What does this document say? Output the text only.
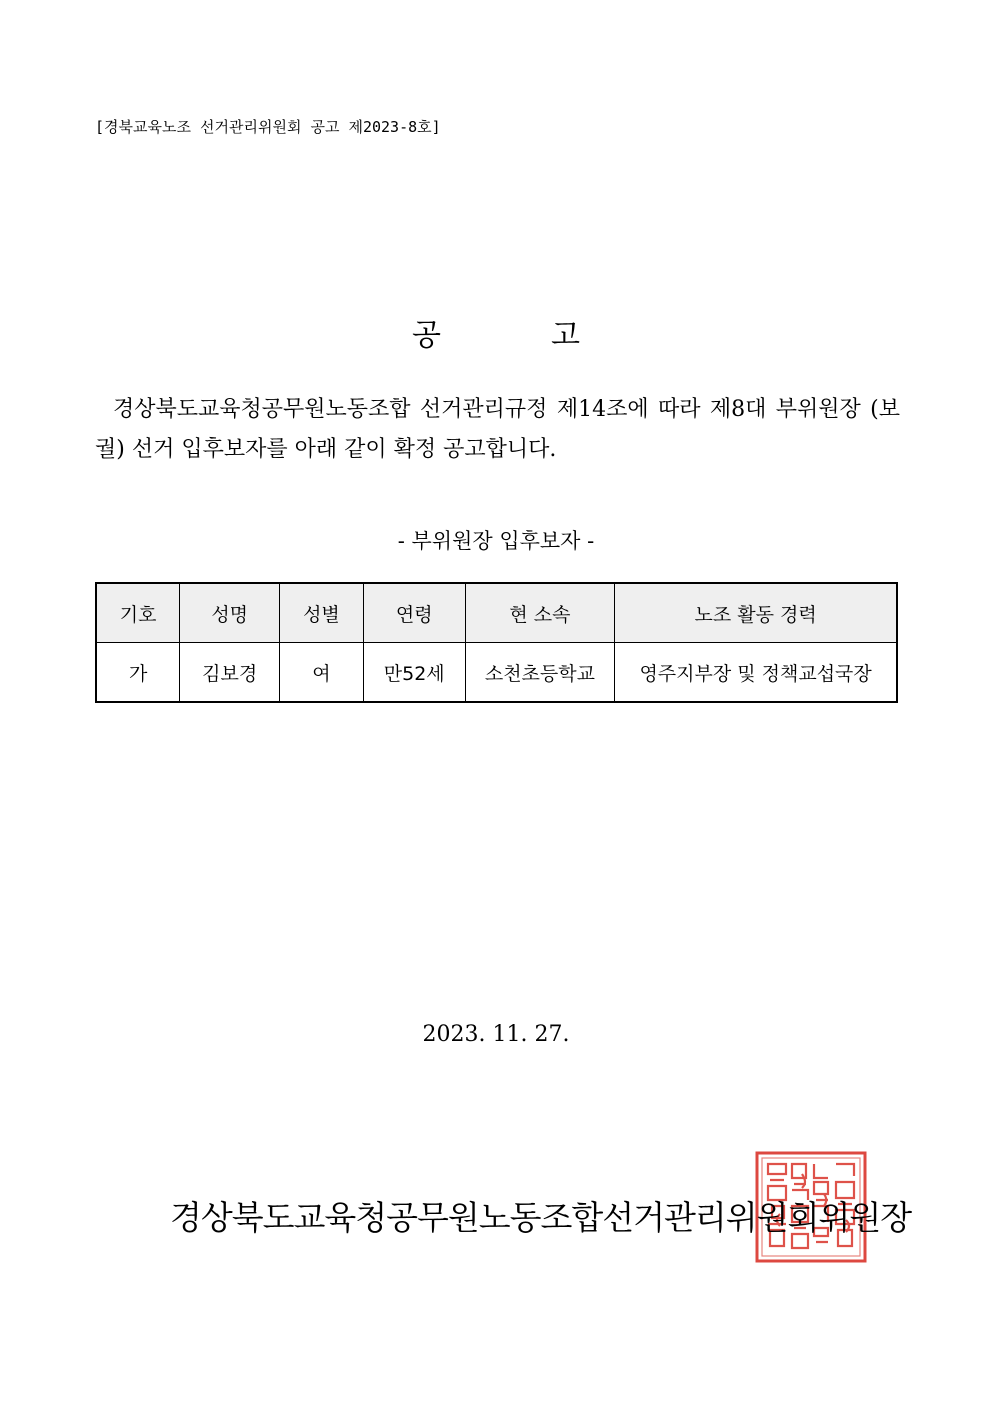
[경북교육노조 선거관리위원회 공고 제2023-8호]
공	고
경상북도교육청공무원노동조합 선거관리규정 제14조에 따라 제8대 부위원장 (보궐) 선거 입후보자를 아래 같이 확정 공고합니다.
- 부위원장 입후보자 -
기호	성명	성별	연령	현 소속	노조 활동 경력
가	김보경	여	만52세	소천초등학교	영주지부장 및 정책교섭국장
2023. 11. 27.
경상북도교육청공무원노동조합선거관리위원회위원장
